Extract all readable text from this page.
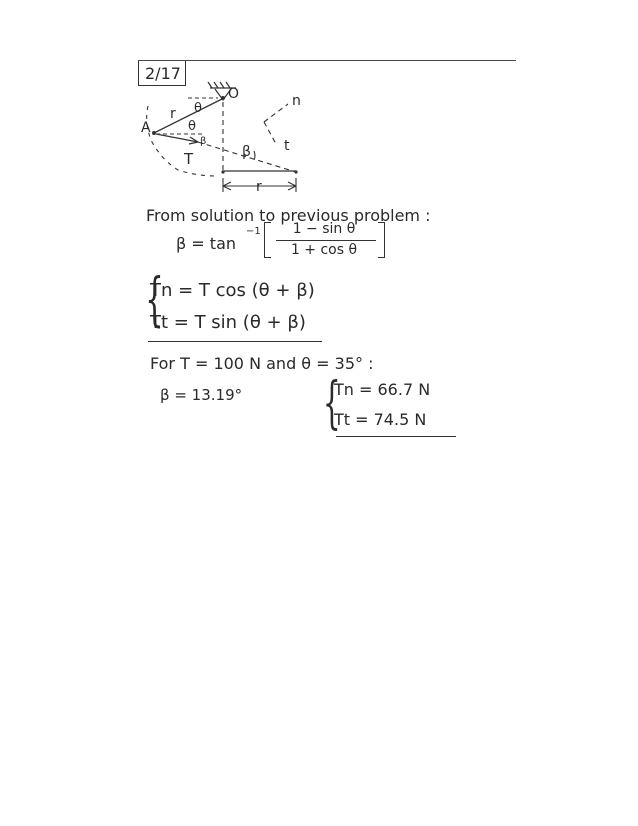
2/17
O
A
n
t
r
r
θ
θ
β
β
T
From solution to previous problem :
β = tan
−1	1 − sin θ
1 + cos θ
{
Tn = T cos (θ + β)
Tt = T sin (θ + β)
For T = 100 N and θ = 35° :
β = 13.19° {
Tn = 66.7 N
Tt = 74.5 N
